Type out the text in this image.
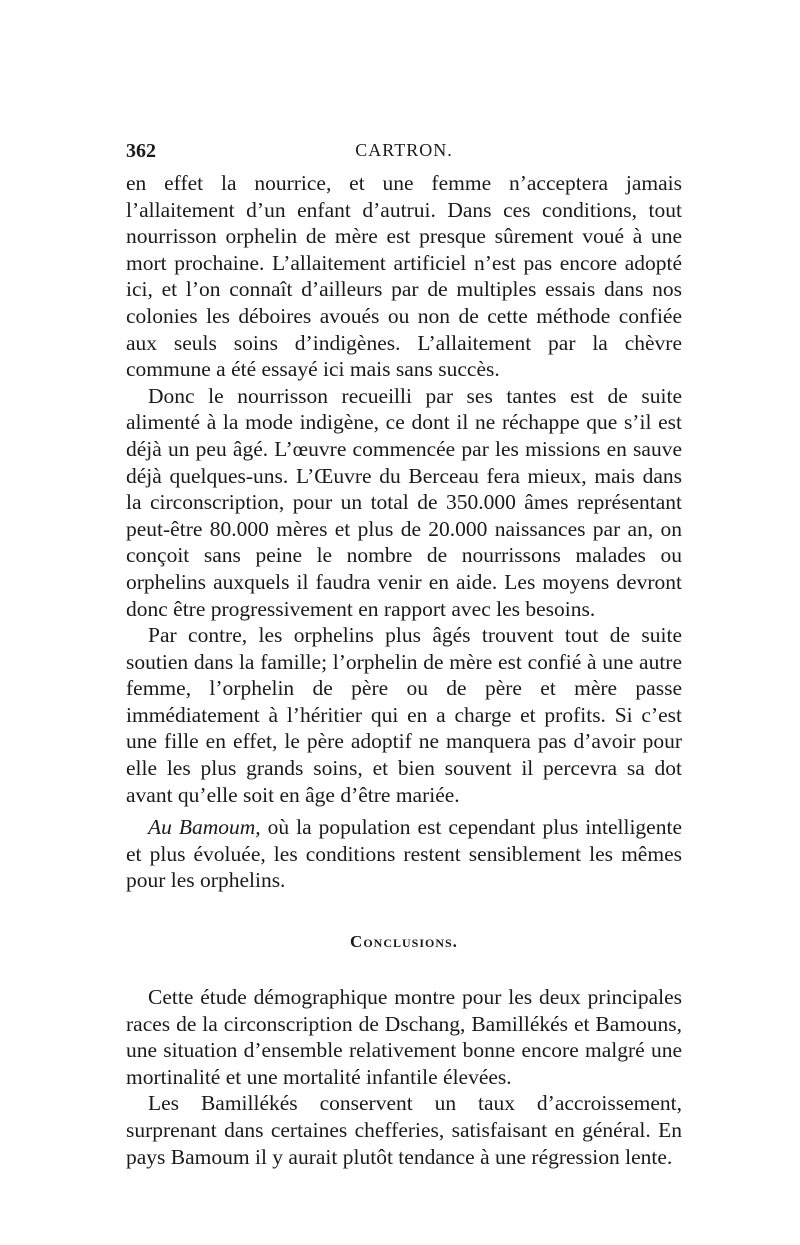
362	CARTRON.

en effet la nourrice, et une femme n’acceptera jamais l’allaitement d’un enfant d’autrui. Dans ces conditions, tout nourrisson orphelin de mère est presque sûrement voué à une mort prochaine. L’allaitement artificiel n’est pas encore adopté ici, et l’on connaît d’ailleurs par de multiples essais dans nos colonies les déboires avoués ou non de cette méthode confiée aux seuls soins d’indigènes. L’allaitement par la chèvre commune a été essayé ici mais sans succès.

Donc le nourrisson recueilli par ses tantes est de suite alimenté à la mode indigène, ce dont il ne réchappe que s’il est déjà un peu âgé. L’œuvre commencée par les missions en sauve déjà quelques-uns. L’Œuvre du Berceau fera mieux, mais dans la circonscription, pour un total de 350.000 âmes représentant peut-être 80.000 mères et plus de 20.000 naissances par an, on conçoit sans peine le nombre de nourrissons malades ou orphelins auxquels il faudra venir en aide. Les moyens devront donc être progressivement en rapport avec les besoins.

Par contre, les orphelins plus âgés trouvent tout de suite soutien dans la famille; l’orphelin de mère est confié à une autre femme, l’orphelin de père ou de père et mère passe immédiatement à l’héritier qui en a charge et profits. Si c’est une fille en effet, le père adoptif ne manquera pas d’avoir pour elle les plus grands soins, et bien souvent il percevra sa dot avant qu’elle soit en âge d’être mariée.

Au Bamoum, où la population est cependant plus intelligente et plus évoluée, les conditions restent sensiblement les mêmes pour les orphelins.

Conclusions.

Cette étude démographique montre pour les deux principales races de la circonscription de Dschang, Bamillékés et Bamouns, une situation d’ensemble relativement bonne encore malgré une mortinalité et une mortalité infantile élevées.

Les Bamillékés conservent un taux d’accroissement, surprenant dans certaines chefferies, satisfaisant en général. En pays Bamoum il y aurait plutôt tendance à une régression lente.
